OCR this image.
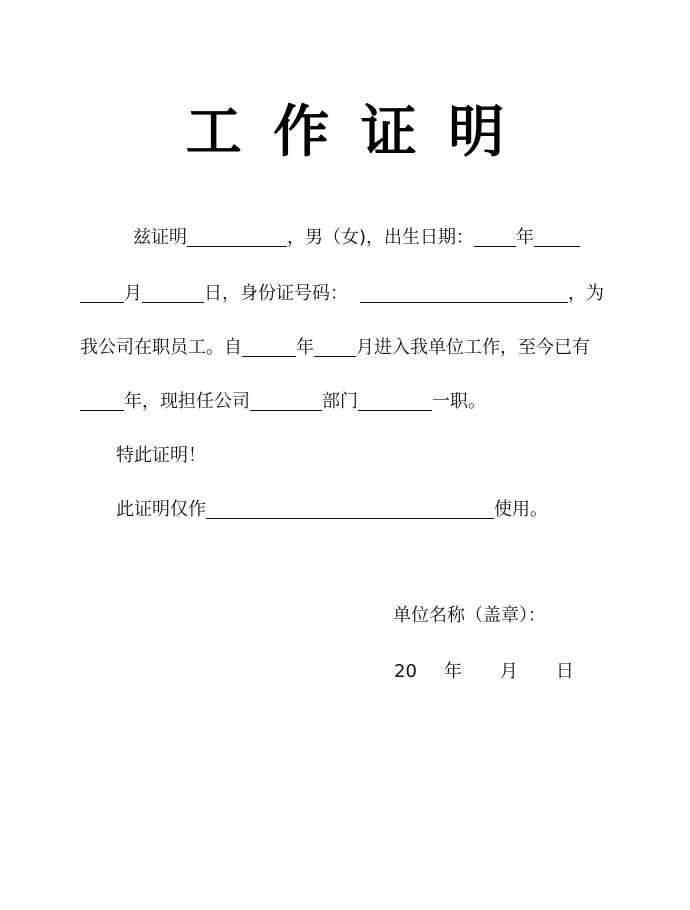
工 作 证 明
兹证明	，男（女)，出生日期： 年
月	日，身份证号码：	，为
我公司在职员工。自	年 月进入我单位工作，至今已有
年，现担任公司	部门	一职。
特此证明！
此证明仅作	使用。
单位名称（盖章）：
20 年 月 日
